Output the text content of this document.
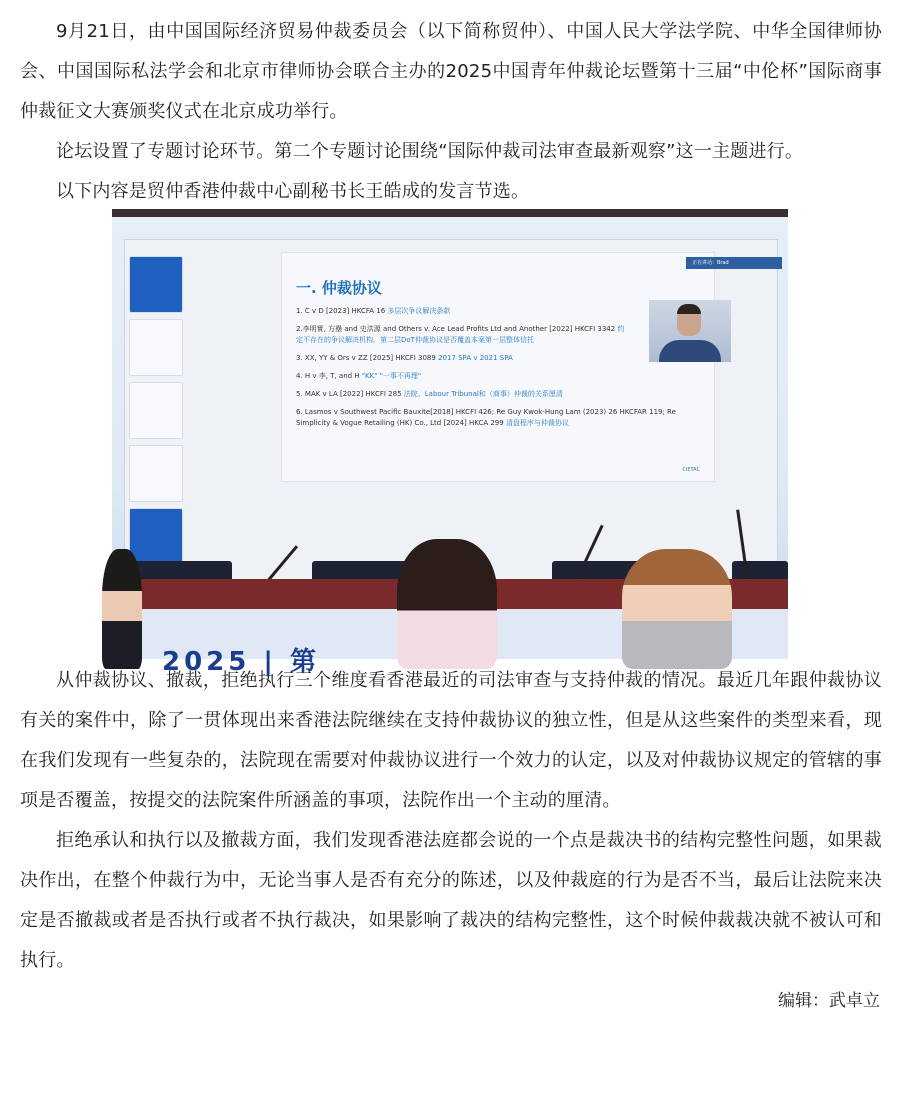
9月21日，由中国国际经济贸易仲裁委员会（以下简称贸仲）、中国人民大学法学院、中华全国律师协会、中国国际私法学会和北京市律师协会联合主办的2025中国青年仲裁论坛暨第十三届“中伦杯”国际商事仲裁征文大赛颁奖仪式在北京成功举行。

论坛设置了专题讨论环节。第二个专题讨论围绕“国际仲裁司法审查最新观察”这一主题进行。

以下内容是贸仲香港仲裁中心副秘书长王皓成的发言节选。

正在讲话：Brad
一. 仲裁协议
1. C v D [2023] HKCFA 16 多层次争议解决条款
2.李明實, 方壘 and 史洪源 and Others v. Ace Lead Profits Ltd and Another [2022] HKCFI 3342 约定不存在的争议解决机构、第二层DoT仲裁协议是否覆盖本案第一层整体信托
3. XX, YY & Ors v ZZ [2025] HKCFI 3089 2017 SPA v 2021 SPA
4. H v 李, T, and H "KK" "一事不再理"
5. MAK v LA [2022] HKCFI 285 法院、Labour Tribunal和（商事）仲裁的关系厘清
6. Lasmos v Southwest Pacific Bauxite[2018] HKCFI 426; Re Guy Kwok-Hung Lam (2023) 26 HKCFAR 119; Re Simplicity & Vogue Retailing (HK) Co., Ltd [2024] HKCA 299 清盘程序与仲裁协议
CIETAC
2025 | 第

从仲裁协议、撤裁，拒绝执行三个维度看香港最近的司法审查与支持仲裁的情况。最近几年跟仲裁协议有关的案件中，除了一贯体现出来香港法院继续在支持仲裁协议的独立性，但是从这些案件的类型来看，现在我们发现有一些复杂的，法院现在需要对仲裁协议进行一个效力的认定，以及对仲裁协议规定的管辖的事项是否覆盖，按提交的法院案件所涵盖的事项，法院作出一个主动的厘清。

拒绝承认和执行以及撤裁方面，我们发现香港法庭都会说的一个点是裁决书的结构完整性问题，如果裁决作出，在整个仲裁行为中，无论当事人是否有充分的陈述，以及仲裁庭的行为是否不当，最后让法院来决定是否撤裁或者是否执行或者不执行裁决，如果影响了裁决的结构完整性，这个时候仲裁裁决就不被认可和执行。

编辑：武卓立
